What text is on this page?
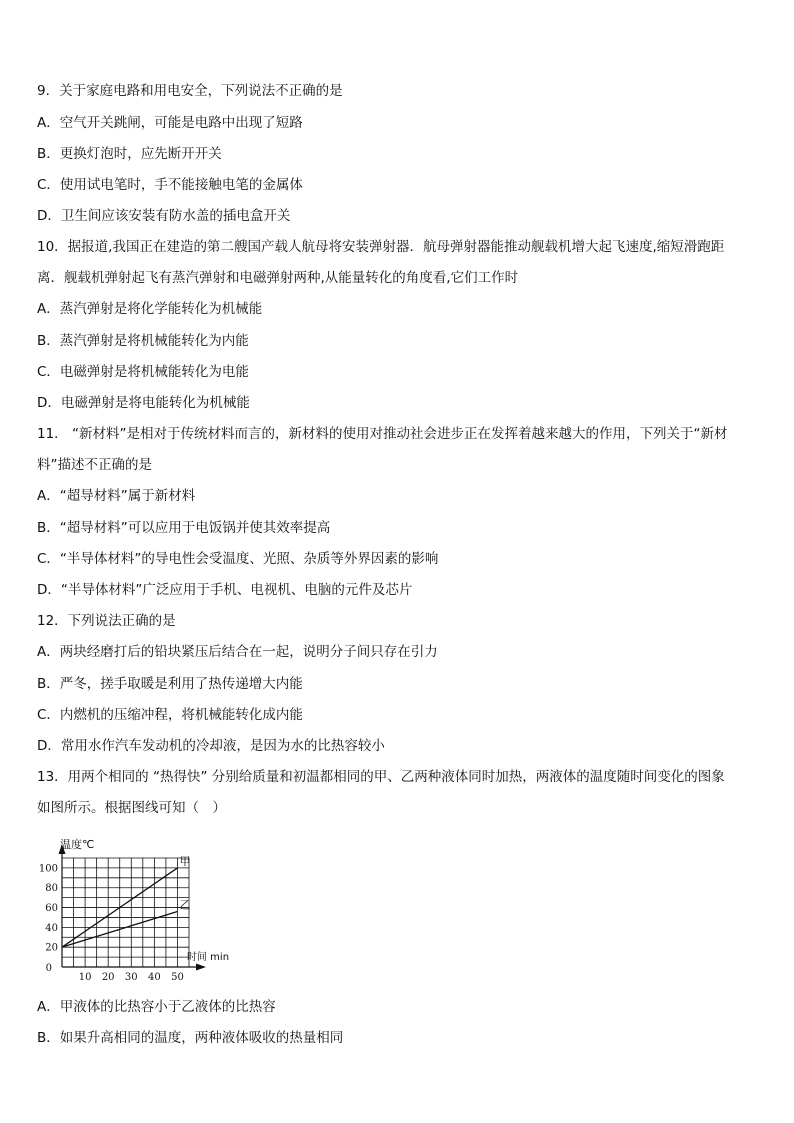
9．关于家庭电路和用电安全，下列说法不正确的是
A．空气开关跳闸，可能是电路中出现了短路
B．更换灯泡时，应先断开开关
C．使用试电笔时，手不能接触电笔的金属体
D．卫生间应该安装有防水盖的插电盒开关
10．据报道,我国正在建造的第二艘国产载人航母将安装弹射器．航母弹射器能推动舰载机增大起飞速度,缩短滑跑距
离．舰载机弹射起飞有蒸汽弹射和电磁弹射两种,从能量转化的角度看,它们工作时
A．蒸汽弹射是将化学能转化为机械能
B．蒸汽弹射是将机械能转化为内能
C．电磁弹射是将机械能转化为电能
D．电磁弹射是将电能转化为机械能
11． “新材料”是相对于传统材料而言的，新材料的使用对推动社会进步正在发挥着越来越大的作用，下列关于“新材
料”描述不正确的是
A．“超导材料”属于新材料
B．“超导材料”可以应用于电饭锅并使其效率提高
C．“半导体材料”的导电性会受温度、光照、杂质等外界因素的影响
D．“半导体材料”广泛应用于手机、电视机、电脑的元件及芯片
12．下列说法正确的是
A．两块经磨打后的铅块紧压后结合在一起，说明分子间只存在引力
B．严冬，搓手取暖是利用了热传递增大内能
C．内燃机的压缩冲程，将机械能转化成内能
D．常用水作汽车发动机的冷却液，是因为水的比热容较小
13．用两个相同的 “热得快” 分别给质量和初温都相同的甲、乙两种液体同时加热，两液体的温度随时间变化的图象
如图所示。根据图线可知（　）
10 20 30 40 50
20
40
60
80
100
甲
乙
温度℃
时间 min
0
A．甲液体的比热容小于乙液体的比热容
B．如果升高相同的温度，两种液体吸收的热量相同
